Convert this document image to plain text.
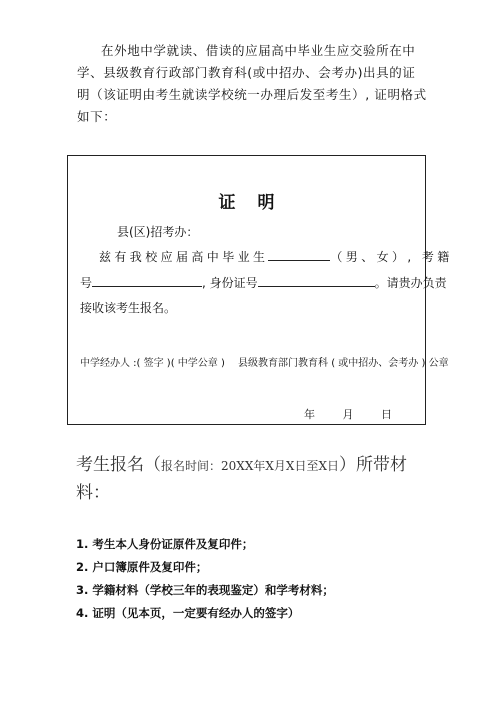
在外地中学就读、借读的应届高中毕业生应交验所在中学、县级教育行政部门教育科(或中招办、会考办)出具的证明（该证明由考生就读学校统一办理后发至考生）, 证明格式如下：
证明
县(区)招考办：
兹有我校应届高中毕业生	（男、女）, 考籍
号	, 身份证号	。请贵办负责
接收该考生报名。
中学经办人 :( 签字 )( 中学公章 )　 县级教育部门教育科 ( 或中招办、会考办 ) 公章
年 月 日
考生报名（报名时间：20XX年X月X日至X日）所带材料：
1. 考生本人身份证原件及复印件；
2. 户口簿原件及复印件；
3. 学籍材料（学校三年的表现鉴定）和学考材料；
4. 证明（见本页，一定要有经办人的签字）
